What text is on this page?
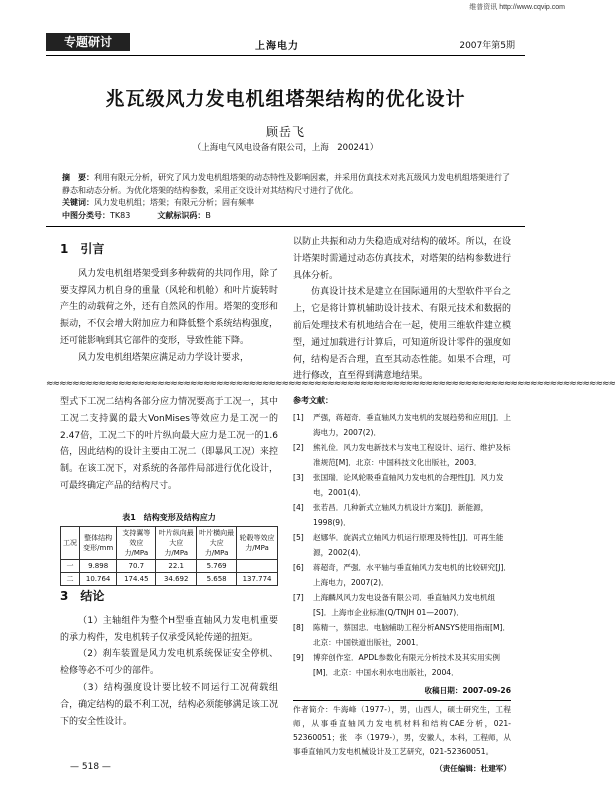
维普资讯 http://www.cqvip.com
专题研讨	上海电力	2007年第5期
兆瓦级风力发电机组塔架结构的优化设计
顾岳飞
（上海电气风电设备有限公司，上海　200241）
摘　要：利用有限元分析，研究了风力发电机组塔架的动态特性及影响因素，并采用仿真技术对兆瓦级风力发电机组塔架进行了静态和动态分析。为优化塔架的结构参数，采用正交设计对其结构尺寸进行了优化。
关键词：风力发电机组；塔架；有限元分析；固有频率
中图分类号：TK83	文献标识码：B
1　引言

风力发电机组塔架受到多种载荷的共同作用，除了要支撑风力机自身的重量（风轮和机舱）和叶片旋转时产生的动载荷之外，还有自然风的作用。塔架的变形和振动，不仅会增大附加应力和降低整个系统结构强度，还可能影响到其它部件的变形，导致性能下降。

风力发电机组塔架应满足动力学设计要求，

以防止共振和动力失稳造成对结构的破坏。所以，在设计塔架时需通过动态仿真技术，对塔架的结构参数进行具体分析。

仿真设计技术是建立在国际通用的大型软件平台之上，它是将计算机辅助设计技术、有限元技术和数据的前后处理技术有机地结合在一起，使用三维软件建立模型，通过加载进行计算后，可知道所设计零件的强度如何，结构是否合理，直至其动态性能。如果不合理，可进行修改，直至得到满意地结果。

≈≈≈≈≈≈≈≈≈≈≈≈≈≈≈≈≈≈≈≈≈≈≈≈≈≈≈≈≈≈≈≈≈≈≈≈≈≈≈≈≈≈≈≈≈≈≈≈≈≈≈≈≈≈≈≈≈≈≈≈≈≈≈≈≈≈≈≈≈≈≈≈≈≈≈≈≈≈≈≈≈≈≈≈≈≈≈

型式下工况二结构各部分应力情况要高于工况一，其中工况二支持翼的最大VonMises等效应力是工况一的2.47倍，工况二下的叶片纵向最大应力是工况一的1.6倍，因此结构的设计主要由工况二（即暴风工况）来控制。在该工况下，对系统的各部件局部进行优化设计，可最终确定产品的结构尺寸。

表1　结构变形及结构应力
工况	整体结构变形/mm	支持翼等效应力/MPa	叶片纵向最大应力/MPa	叶片横向最大应力/MPa	轮毂等效应力/MPa
一	9.898	70.7	22.1	5.769	
二	10.764	174.45	34.692	5.658	137.774
3　结论

（1）主轴组件为整个H型垂直轴风力发电机重要的承力构件，发电机转子仅承受风轮传递的扭矩。

（2）刹车装置是风力发电机系统保证安全停机、检修等必不可少的部件。

（3）结构强度设计要比较不同运行工况荷载组合，确定结构的最不利工况，结构必须能够满足该工况下的安全性设计。

参考文献：
[1]	严强，蒋超奇．垂直轴风力发电机的发展趋势和应用[J]．上海电力，2007(2)．
[2]	熊礼俭．风力发电新技术与发电工程设计、运行、维护及标准规范[M]．北京：中国科技文化出版社，2003．
[3]	张国瑞．论风轮吸垂直轴风力发电机的合理性[J]．风力发电，2001(4)．
[4]	张若昌．几种新式立轴风力机设计方案[J]．新能源，1998(9)．
[5]	赵娜华．旋涡式立轴风力机运行原理及特性[J]．可再生能源，2002(4)．
[6]	蒋超奇，严强．水平轴与垂直轴风力发电机的比较研究[J]．上海电力，2007(2)．
[7]	上海麟风风力发电设备有限公司．垂直轴风力发电机组[S]．上海市企业标准(Q/TNJH 01—2007)．
[8]	陈精一，蔡国忠．电脑辅助工程分析ANSYS使用指南[M]．北京：中国铁道出版社，2001．
[9]	博弈创作室．APDL参数化有限元分析技术及其实用实例[M]．北京：中国水利水电出版社，2004．
收稿日期：2007-09-26
作者简介：牛海峰（1977-），男，山西人，硕士研究生，工程师，从事垂直轴风力发电机材料和结构CAE分析，021-52360051；张　李（1979-），男，安徽人，本科，工程师，从事垂直轴风力发电机械设计及工艺研究，021-52360051。
（责任编辑：杜建军）
— 518 —
